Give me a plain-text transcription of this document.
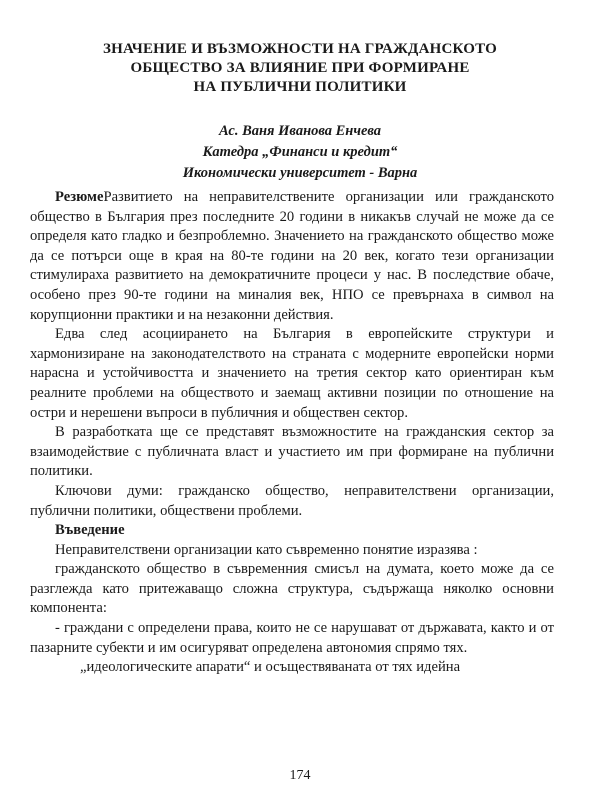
ЗНАЧЕНИЕ И ВЪЗМОЖНОСТИ НА ГРАЖДАНСКОТО
ОБЩЕСТВО ЗА ВЛИЯНИЕ ПРИ ФОРМИРАНЕ
НА ПУБЛИЧНИ ПОЛИТИКИ
Ас. Ваня Иванова Енчева
Катедра „Финанси и кредит“
Икономически университет - Варна

РезюмеРазвитието на неправителствените организации или гражданското общество в България през последните 20 години в никакъв случай не може да се определя като гладко и безпроблемно. Значението на гражданското общество може да се потърси още в края на 80-те години на 20 век, когато тези организации стимулираха развитието на демократичните процеси у нас. В последствие обаче, особено през 90-те години на миналия век, НПО се превърнаха в символ на корупционни практики и на незаконни действия.

Едва след асоциирането на България в европейските структури и хармонизиране на законодателството на страната с модерните европейски норми нарасна и устойчивостта и значението на третия сектор като ориентиран към реалните проблеми на обществото и заемащ активни позиции по отношение на остри и нерешени въпроси в публичния и обществен сектор.

В разработката ще се представят възможностите на гражданския сектор за взаимодействие с публичната власт и участието им при формиране на публични политики.

Ключови думи: гражданско общество, неправителствени организации, публични политики, обществени проблеми.

Въведение

Неправителствени организации като съвременно понятие изразява :

гражданското общество в съвременния смисъл на думата, което може да се разглежда като притежаващо сложна структура, съдържаща няколко основни компонента:

- граждани с определени права, които не се нарушават от държавата, както и от пазарните субекти и им осигуряват определена автономия спрямо тях.

„идеологическите апарати“ и осъществяваната от тях идейна

174
